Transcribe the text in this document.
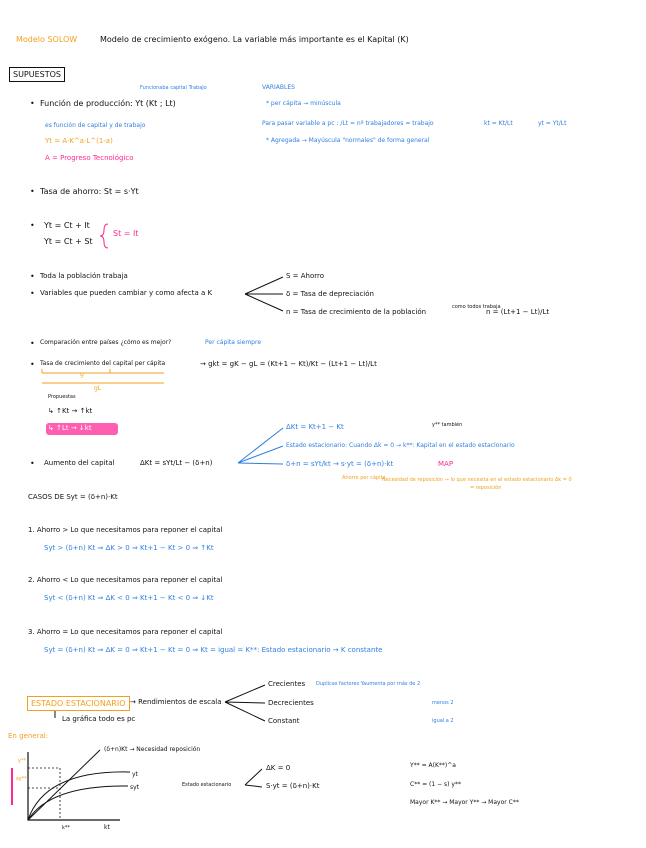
Modelo SOLOW	Modelo de crecimiento exógeno. La variable más importante es el Kapital (K)
SUPUESTOS
Funcionaba capital Trabajo
• Función de producción : Yt (Kt ; Lt)
es función de capital y de trabajo
Yt = A·K^a·L^(1-a)
A = Progreso Tecnológico
VARIABLES
* per cápita → minúscula
Para pasar variable a pc : /Lt = nº trabajadores = trabajo	kt = Kt/Lt	yt = Yt/Lt
* Agregada → Mayúscula "normales" de forma general
• Tasa de ahorro: St = s·Yt
• Yt = Ct + It
Yt = Ct + St
St = It
• Toda la población trabaja
• Variables que pueden cambiar y como afecta a K
S = Ahorro
δ = Tasa de depreciación
n = Tasa de crecimiento de la población
como todos trabaja
n = (Lt+1 − Lt)/Lt
• Comparación entre países ¿cómo es mejor?	Per cápita siempre
• Tasa de crecimiento del capital per cápita	→ gkt = gK − gL = (Kt+1 − Kt)/Kt − (Lt+1 − Lt)/Lt
g
gL
Propuestas
↳ ↑Kt → ↑kt
↳ ↑Lt → ↓kt
• Aumento del capital	ΔKt = sYt/Lt − (δ+n)
ΔKt = Kt+1 − Kt	y** también
Estado estacionario: Cuando Δk = 0 → k**: Kapital en el estado estacionario
δ+n = sYt/kt → s·yt = (δ+n)·kt	MAP
Ahorro per cápita
Necesidad de reposición → lo que necesita en el estado estacionario Δk = 0
= reposición
CASOS DE Syt = (δ+n)·Kt
1. Ahorro > Lo que necesitamos para reponer el capital
Syt > (δ+n) Kt ⇒ ΔK > 0 ⇒ Kt+1 − Kt > 0 ⇒ ↑Kt
2. Ahorro < Lo que necesitamos para reponer el capital
Syt < (δ+n) Kt ⇒ ΔK < 0 ⇒ Kt+1 − Kt < 0 ⇒ ↓Kt
3. Ahorro = Lo que necesitamos para reponer el capital
Syt = (δ+n) Kt ⇒ ΔK = 0 ⇒ Kt+1 − Kt = 0 ⇒ Kt = igual = K**: Estado estacionario → K constante
ESTADO ESTACIONARIO → Rendimientos de escala
Crecientes Duplicas factores Yaumenta por más de 2
Decrecientes	menos 2
Constant	igual a 2
La gráfica todo es pc
En general:
(δ+n)Kt → Necesidad reposición
yt
syt
y**
sy**
k**	kt
Estado estacionario
ΔK = 0
S·yt = (δ+n)·Kt
Y** = A(K**)^a
C** = (1 − s) y**
Mayor K** → Mayor Y** → Mayor C**
